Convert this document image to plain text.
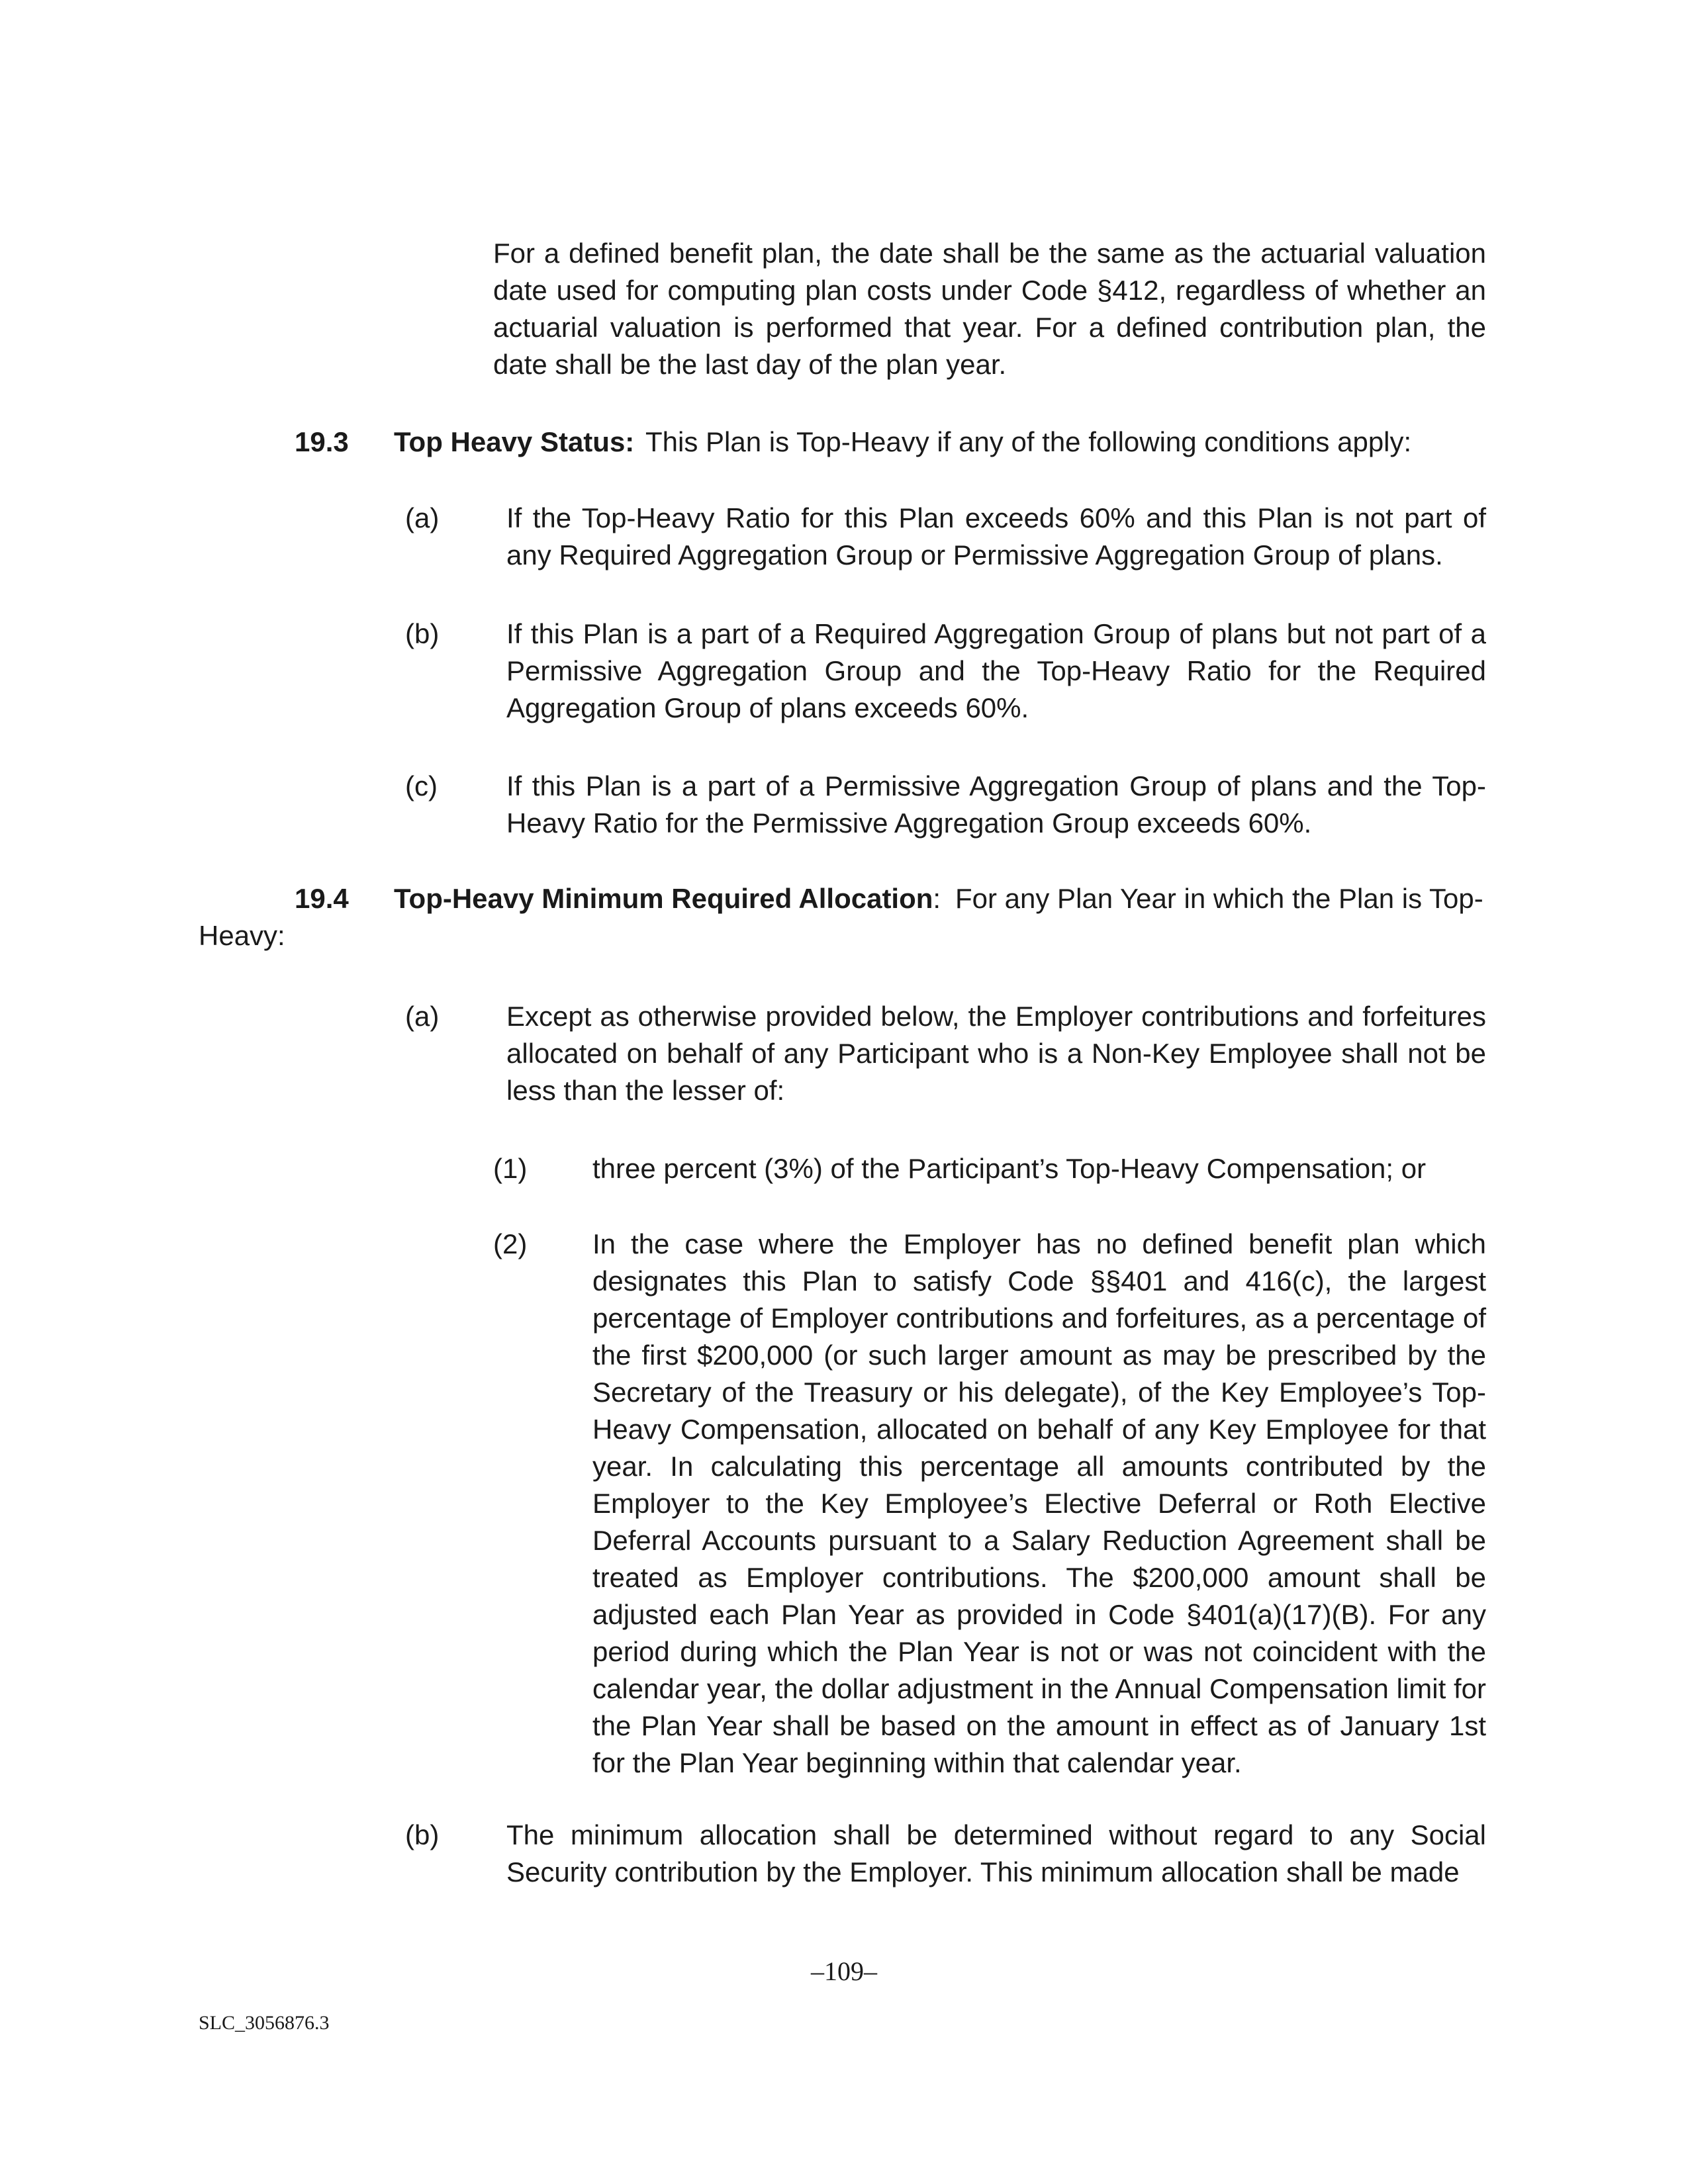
For a defined benefit plan, the date shall be the same as the actuarial valuation date used for computing plan costs under Code §412, regardless of whether an actuarial valuation is performed that year. For a defined contribution plan, the date shall be the last day of the plan year.
19.3 Top Heavy Status: This Plan is Top-Heavy if any of the following conditions apply:
(a) If the Top-Heavy Ratio for this Plan exceeds 60% and this Plan is not part of any Required Aggregation Group or Permissive Aggregation Group of plans.
(b) If this Plan is a part of a Required Aggregation Group of plans but not part of a Permissive Aggregation Group and the Top-Heavy Ratio for the Required Aggregation Group of plans exceeds 60%.
(c) If this Plan is a part of a Permissive Aggregation Group of plans and the Top-Heavy Ratio for the Permissive Aggregation Group exceeds 60%.
19.4 Top-Heavy Minimum Required Allocation: For any Plan Year in which the Plan is Top-
Heavy:
(a) Except as otherwise provided below, the Employer contributions and forfeitures allocated on behalf of any Participant who is a Non-Key Employee shall not be less than the lesser of:
(1) three percent (3%) of the Participant’s Top-Heavy Compensation; or
(2) In the case where the Employer has no defined benefit plan which designates this Plan to satisfy Code §§401 and 416(c), the largest percentage of Employer contributions and forfeitures, as a percentage of the first $200,000 (or such larger amount as may be prescribed by the Secretary of the Treasury or his delegate), of the Key Employee’s Top-Heavy Compensation, allocated on behalf of any Key Employee for that year. In calculating this percentage all amounts contributed by the Employer to the Key Employee’s Elective Deferral or Roth Elective Deferral Accounts pursuant to a Salary Reduction Agreement shall be treated as Employer contributions. The $200,000 amount shall be adjusted each Plan Year as provided in Code §401(a)(17)(B). For any period during which the Plan Year is not or was not coincident with the calendar year, the dollar adjustment in the Annual Compensation limit for the Plan Year shall be based on the amount in effect as of January 1st for the Plan Year beginning within that calendar year.
(b) The minimum allocation shall be determined without regard to any Social Security contribution by the Employer. This minimum allocation shall be made
–109–
SLC_3056876.3
